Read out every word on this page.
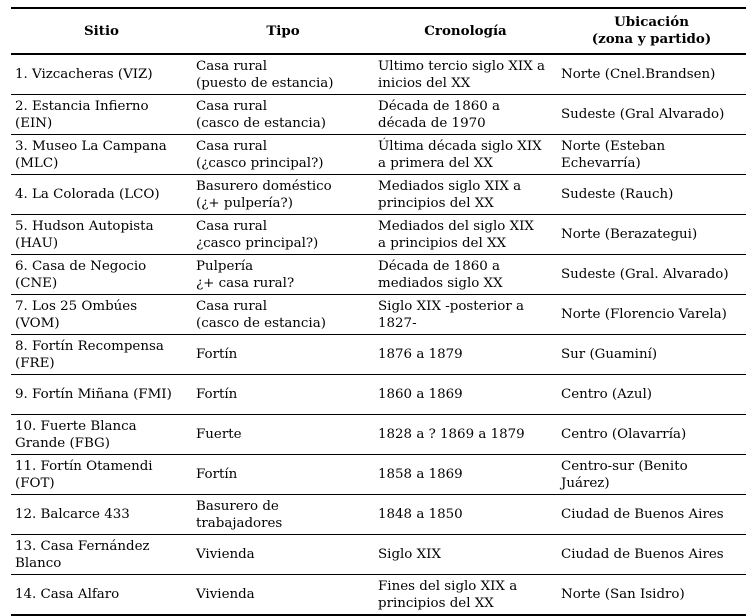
Sitio	Tipo	Cronología	Ubicación
(zona y partido)

1. Vizcacheras (VIZ)	Casa rural
(puesto de estancia)	Ultimo tercio siglo XIX a
inicios del XX	Norte (Cnel.Brandsen)

2. Estancia Infierno
(EIN)	Casa rural
(casco de estancia)	Década de 1860 a
década de 1970	Sudeste (Gral Alvarado)

3. Museo La Campana
(MLC)	Casa rural
(¿casco principal?)	Última década siglo XIX
a primera del XX	Norte (Esteban
Echevarría)

4. La Colorada (LCO)	Basurero doméstico
(¿+ pulpería?)	Mediados siglo XIX a
principios del XX	Sudeste (Rauch)

5. Hudson Autopista
(HAU)	Casa rural
¿casco principal?)	Mediados del siglo XIX
a principios del XX	Norte (Berazategui)

6. Casa de Negocio
(CNE)	Pulpería
¿+ casa rural?	Década de 1860 a
mediados siglo XX	Sudeste (Gral. Alvarado)

7. Los 25 Ombúes
(VOM)	Casa rural
(casco de estancia)	Siglo XIX -posterior a
1827-	Norte (Florencio Varela)

8. Fortín Recompensa
(FRE)	Fortín	1876 a 1879	Sur (Guaminí)

9. Fortín Miñana (FMI)	Fortín	1860 a 1869	Centro (Azul)

10. Fuerte Blanca
Grande (FBG)	Fuerte	1828 a ? 1869 a 1879	Centro (Olavarría)

11. Fortín Otamendi
(FOT)	Fortín	1858 a 1869	Centro-sur (Benito
Juárez)

12. Balcarce 433	Basurero de
trabajadores	1848 a 1850	Ciudad de Buenos Aires

13. Casa Fernández
Blanco	Vivienda	Siglo XIX	Ciudad de Buenos Aires

14. Casa Alfaro	Vivienda	Fines del siglo XIX a
principios del XX	Norte (San Isidro)
